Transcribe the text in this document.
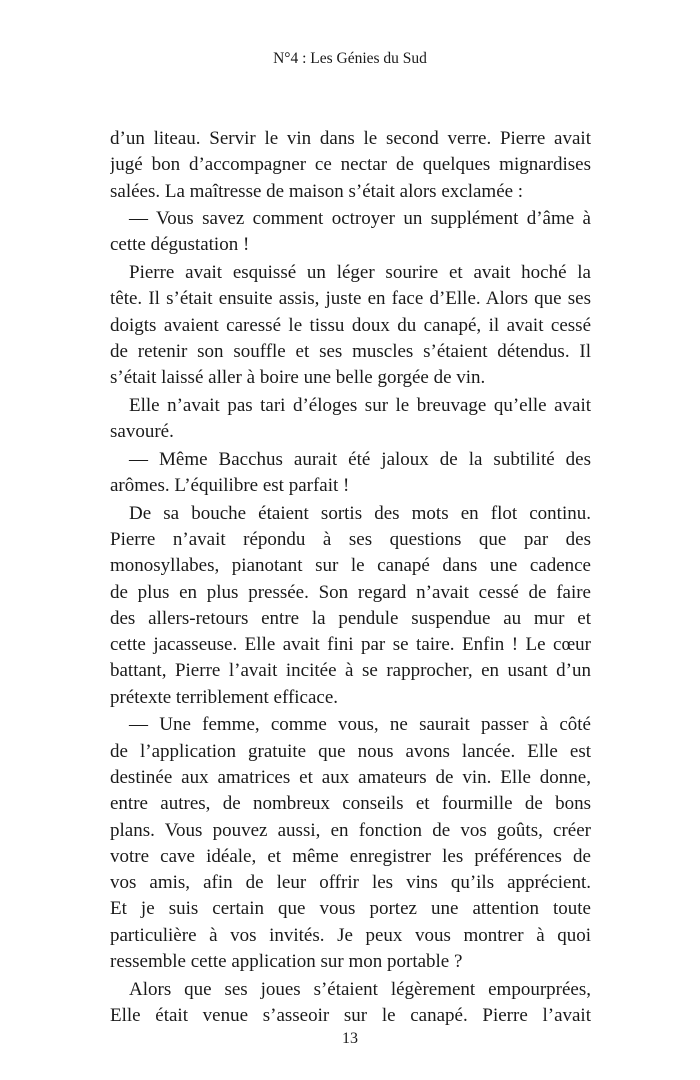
N°4 : Les Génies du Sud
d’un liteau. Servir le vin dans le second verre. Pierre avait
jugé bon d’accompagner ce nectar de quelques mignardises
salées. La maîtresse de maison s’était alors exclamée :
— Vous savez comment octroyer un supplément d’âme à
cette dégustation !
Pierre avait esquissé un léger sourire et avait hoché la
tête. Il s’était ensuite assis, juste en face d’Elle. Alors que ses
doigts avaient caressé le tissu doux du canapé, il avait cessé
de retenir son souffle et ses muscles s’étaient détendus. Il
s’était laissé aller à boire une belle gorgée de vin.
Elle n’avait pas tari d’éloges sur le breuvage qu’elle avait
savouré.
— Même Bacchus aurait été jaloux de la subtilité des
arômes. L’équilibre est parfait !
De sa bouche étaient sortis des mots en flot continu.
Pierre n’avait répondu à ses questions que par des
monosyllabes, pianotant sur le canapé dans une cadence
de plus en plus pressée. Son regard n’avait cessé de faire
des allers-retours entre la pendule suspendue au mur et
cette jacasseuse. Elle avait fini par se taire. Enfin ! Le cœur
battant, Pierre l’avait incitée à se rapprocher, en usant d’un
prétexte terriblement efficace.
— Une femme, comme vous, ne saurait passer à côté
de l’application gratuite que nous avons lancée. Elle est
destinée aux amatrices et aux amateurs de vin. Elle donne,
entre autres, de nombreux conseils et fourmille de bons
plans. Vous pouvez aussi, en fonction de vos goûts, créer
votre cave idéale, et même enregistrer les préférences de
vos amis, afin de leur offrir les vins qu’ils apprécient.
Et je suis certain que vous portez une attention toute
particulière à vos invités. Je peux vous montrer à quoi
ressemble cette application sur mon portable ?
Alors que ses joues s’étaient légèrement empourprées,
Elle était venue s’asseoir sur le canapé. Pierre l’avait
13
